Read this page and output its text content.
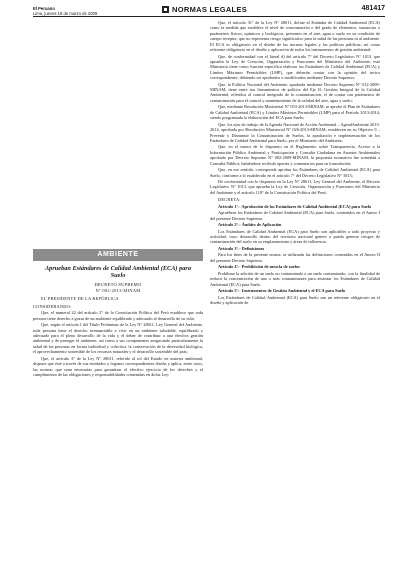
El Peruano
Lima, jueves 19 de marzo de 2009	NORMAS LEGALES	481417
AMBIENTE
Aprueban Estándares de Calidad Ambiental (ECA) para Suelo
DECRETO SUPREMO
N° 002-2013-MINAM

EL PRESIDENTE DE LA REPÚBLICA

CONSIDERANDO:

Que, el numeral 22 del artículo 2° de la Constitución Política del Perú establece que toda persona tiene derecho a gozar de un ambiente equilibrado y adecuado al desarrollo de su vida;

Que, según el artículo I del Título Preliminar de la Ley N° 28611, Ley General del Ambiente, toda persona tiene el derecho irrenunciable a vivir en un ambiente saludable, equilibrado y adecuado para el pleno desarrollo de la vida y el deber de contribuir a una efectiva gestión ambiental y de proteger el ambiente, así como a sus componentes asegurando particularmente la salud de las personas en forma individual y colectiva, la conservación de la diversidad biológica, el aprovechamiento sostenible de los recursos naturales y el desarrollo sostenible del país;

Que, el artículo 3° de la Ley N° 28611, referido al rol del Estado en materia ambiental, dispone que éste a través de sus entidades y órganos correspondientes diseña y aplica, entre otros, las normas que sean necesarias para garantizar el efectivo ejercicio de los derechos y el cumplimiento de las obligaciones y responsabilidades contenidas en dicha Ley;

Que, el artículo 31° de la Ley N° 28611, define al Estándar de Calidad Ambiental (ECA) como la medida que establece el nivel de concentración o del grado de elementos, sustancias o parámetros físicos, químicos y biológicos, presentes en el aire, agua o suelo en su condición de cuerpo receptor, que no representa riesgo significativo para la salud de las personas ni al ambiente. El ECA es obligatorio en el diseño de las normas legales y las políticas públicas; así como referente obligatorio en el diseño y aplicación de todos los instrumentos de gestión ambiental;

Que, de conformidad con el literal d) del artículo 7° del Decreto Legislativo N° 1013, que aprueba la Ley de Creación, Organización y Funciones del Ministerio del Ambiente, este Ministerio tiene como función específica elaborar los Estándares de Calidad Ambiental (ECA) y Límites Máximos Permisibles (LMP), que deberán contar con la opinión del sector correspondiente, debiendo ser aprobados o modificados mediante Decreto Supremo;

Que, la Política Nacional del Ambiente, aprobada mediante Decreto Supremo N° 012-2009-MINAM, tiene entre sus lineamientos de política del Eje II: Gestión Integral de la Calidad Ambiental, referidos al control integrado de la contaminación, el de contar con parámetros de contaminación para el control y mantenimiento de la calidad del aire, agua y suelo;

Que, mediante Resolución Ministerial N° 053-2013-MINAM, se aprobó el Plan de Estándares de Calidad Ambiental (ECA) y Límites Máximos Permisibles (LMP) para el Período 2013-2014, siendo programada la elaboración del ECA para Suelo;

Que, los ejes de trabajo de la Agenda Nacional de Acción Ambiental – AgendAmbiente 2013-2014, aprobada por Resolución Ministerial N° 026-2013-MINAM, establecen en su Objetivo 9 – Prevenir y Disminuir la Contaminación de Suelos, la aprobación e implementación de los Estándares de Calidad Ambiental para Suelo, por el Ministerio del Ambiente;

Que, en el marco de lo dispuesto en el Reglamento sobre Transparencia, Acceso a la Información Pública Ambiental y Participación y Consulta Ciudadana en Asuntos Ambientales aprobado por Decreto Supremo N° 002-2009-MINAM, la propuesta normativa fue sometida a Consulta Pública, habiéndose recibido aportes y comentarios para su formulación;

Que, en ese sentido, corresponde aprobar los Estándares de Calidad Ambiental (ECA) para Suelo, conforme a lo establecido en el artículo 7° del Decreto Legislativo N° 1013;

De conformidad con lo dispuesto en la Ley N° 28611, Ley General del Ambiente, el Decreto Legislativo N° 1013, que aprueba la Ley de Creación, Organización y Funciones del Ministerio del Ambiente y el artículo 118° de la Constitución Política del Perú;

DECRETA:

Artículo 1°.- Aprobación de los Estándares de Calidad Ambiental (ECA) para Suelo

Apruébese los Estándares de Calidad Ambiental (ECA) para Suelo, contenidos en el Anexo I del presente Decreto Supremo.

Artículo 2°.- Ámbito de Aplicación

Los Estándares de Calidad Ambiental (ECA) para Suelo son aplicables a todo proyecto y actividad, cuyo desarrollo dentro del territorio nacional genere o pueda generar riesgos de contaminación del suelo en su emplazamiento y áreas de influencia.

Artículo 3°.- Definiciones

Para los fines de la presente norma, se utilizarán las definiciones contenidas en el Anexo II del presente Decreto Supremo.

Artículo 4°.- Prohibición de mezcla de suelos

Prohíbase la adición de un suelo no contaminado a un suelo contaminado, con la finalidad de reducir la concentración de uno o más contaminantes para alcanzar los Estándares de Calidad Ambiental (ECA) para Suelo.

Artículo 5°.- Instrumentos de Gestión Ambiental y el ECA para Suelo

Los Estándares de Calidad Ambiental (ECA) para Suelo son un referente obligatorio en el diseño y aplicación de
